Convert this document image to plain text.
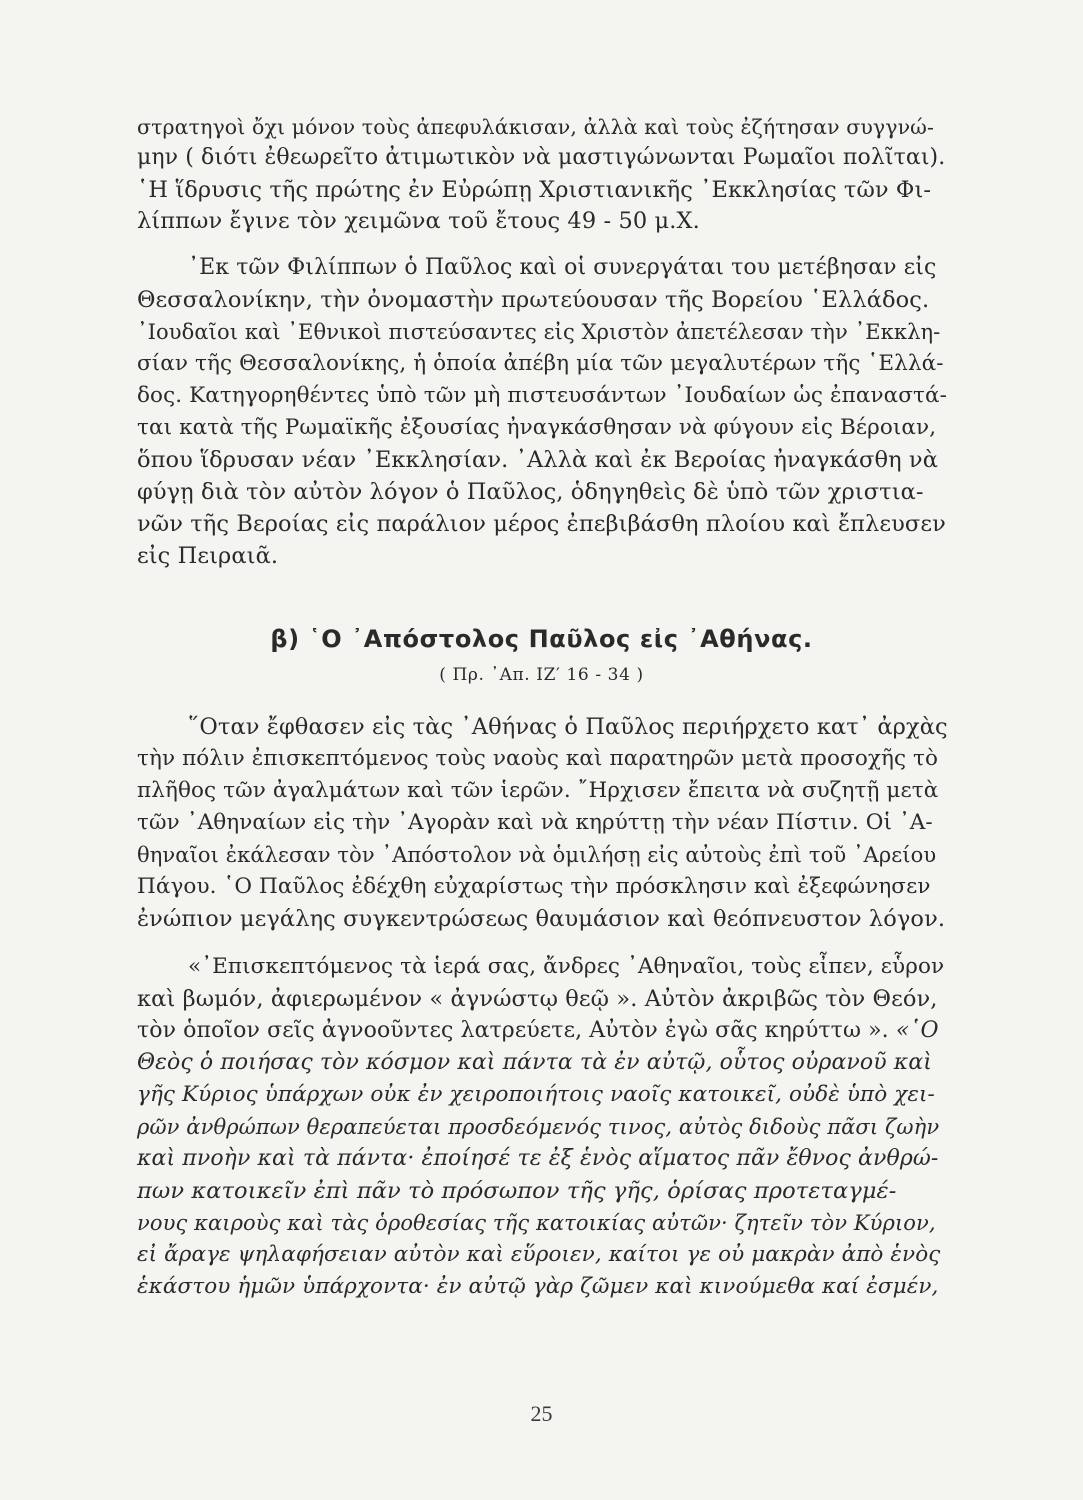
στρατηγοὶ ὄχι μόνον τοὺς ἀπεφυλάκισαν, ἀλλὰ καὶ τοὺς ἐζήτησαν συγγνώ-
μην ( διότι ἐθεωρεῖτο ἀτιμωτικὸν νὰ μαστιγώνωνται Ρωμαῖοι πολῖται).
῾Η ἵδρυσις τῆς πρώτης ἐν Εὐρώπῃ Χριστιανικῆς ᾿Εκκλησίας τῶν Φι-
λίππων ἔγινε τὸν χειμῶνα τοῦ ἔτους 49 - 50 μ.Χ.
᾿Εκ τῶν Φιλίππων ὁ Παῦλος καὶ οἱ συνεργάται του μετέβησαν εἰς
Θεσσαλονίκην, τὴν ὀνομαστὴν πρωτεύουσαν τῆς Βορείου ῾Ελλάδος.
᾿Ιουδαῖοι καὶ ᾿Εθνικοὶ πιστεύσαντες εἰς Χριστὸν ἀπετέλεσαν τὴν ᾿Εκκλη-
σίαν τῆς Θεσσαλονίκης, ἡ ὁποία ἀπέβη μία τῶν μεγαλυτέρων τῆς ῾Ελλά-
δος. Κατηγορηθέντες ὑπὸ τῶν μὴ πιστευσάντων ᾿Ιουδαίων ὡς ἐπαναστά-
ται κατὰ τῆς Ρωμαϊκῆς ἐξουσίας ἠναγκάσθησαν νὰ φύγουν εἰς Βέροιαν,
ὅπου ἵδρυσαν νέαν ᾿Εκκλησίαν. ᾿Αλλὰ καὶ ἐκ Βεροίας ἠναγκάσθη νὰ
φύγῃ διὰ τὸν αὐτὸν λόγον ὁ Παῦλος, ὁδηγηθεὶς δὲ ὑπὸ τῶν χριστια-
νῶν τῆς Βεροίας εἰς παράλιον μέρος ἐπεβιβάσθη πλοίου καὶ ἔπλευσεν
εἰς Πειραιᾶ.
β) ῾Ο ᾿Απόστολος Παῦλος εἰς ᾿Αθήνας.
( Πρ. ᾿Απ. ΙΖ′ 16 - 34 )
῞Οταν ἔφθασεν εἰς τὰς ᾿Αθήνας ὁ Παῦλος περιήρχετο κατ᾿ ἀρχὰς
τὴν πόλιν ἐπισκεπτόμενος τοὺς ναοὺς καὶ παρατηρῶν μετὰ προσοχῆς τὸ
πλῆθος τῶν ἀγαλμάτων καὶ τῶν ἱερῶν. ῎Ηρχισεν ἔπειτα νὰ συζητῇ μετὰ
τῶν ᾿Αθηναίων εἰς τὴν ᾿Αγορὰν καὶ νὰ κηρύττῃ τὴν νέαν Πίστιν. Οἱ ᾿Α-
θηναῖοι ἐκάλεσαν τὸν ᾿Απόστολον νὰ ὁμιλήσῃ εἰς αὐτοὺς ἐπὶ τοῦ ᾿Αρείου
Πάγου. ῾Ο Παῦλος ἐδέχθη εὐχαρίστως τὴν πρόσκλησιν καὶ ἐξεφώνησεν
ἐνώπιον μεγάλης συγκεντρώσεως θαυμάσιον καὶ θεόπνευστον λόγον.
«᾿Επισκεπτόμενος τὰ ἱερά σας, ἄνδρες ᾿Αθηναῖοι, τοὺς εἶπεν, εὗρον
καὶ βωμόν, ἀφιερωμένον « ἀγνώστῳ θεῷ ». Αὐτὸν ἀκριβῶς τὸν Θεόν,
τὸν ὁποῖον σεῖς ἀγνοοῦντες λατρεύετε, Αὐτὸν ἐγὼ σᾶς κηρύττω ». «῾Ο
Θεὸς ὁ ποιήσας τὸν κόσμον καὶ πάντα τὰ ἐν αὐτῷ, οὗτος οὐρανοῦ καὶ
γῆς Κύριος ὑπάρχων οὐκ ἐν χειροποιήτοις ναοῖς κατοικεῖ, οὐδὲ ὑπὸ χει-
ρῶν ἀνθρώπων θεραπεύεται προσδεόμενός τινος, αὐτὸς διδοὺς πᾶσι ζωὴν
καὶ πνοὴν καὶ τὰ πάντα· ἐποίησέ τε ἐξ ἑνὸς αἵματος πᾶν ἔθνος ἀνθρώ-
πων κατοικεῖν ἐπὶ πᾶν τὸ πρόσωπον τῆς γῆς, ὁρίσας προτεταγμέ-
νους καιροὺς καὶ τὰς ὁροθεσίας τῆς κατοικίας αὐτῶν· ζητεῖν τὸν Κύριον,
εἰ ἄραγε ψηλαφήσειαν αὐτὸν καὶ εὕροιεν, καίτοι γε οὐ μακρὰν ἀπὸ ἑνὸς
ἑκάστου ἡμῶν ὑπάρχοντα· ἐν αὐτῷ γὰρ ζῶμεν καὶ κινούμεθα καί ἐσμέν,
25
